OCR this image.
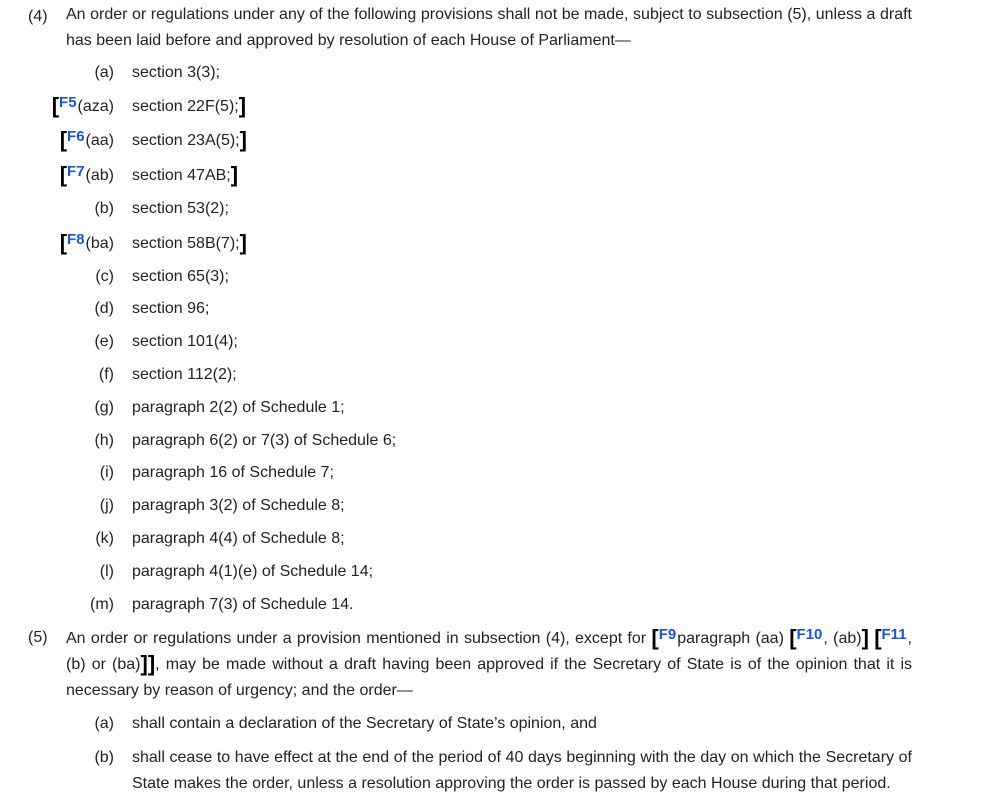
(4) An order or regulations under any of the following provisions shall not be made, subject to subsection (5), unless a draft has been laid before and approved by resolution of each House of Parliament—
(a) section 3(3);
[F5(aza) section 22F(5);]
[F6(aa) section 23A(5);]
[F7(ab) section 47AB;]
(b) section 53(2);
[F8(ba) section 58B(7);]
(c) section 65(3);
(d) section 96;
(e) section 101(4);
(f) section 112(2);
(g) paragraph 2(2) of Schedule 1;
(h) paragraph 6(2) or 7(3) of Schedule 6;
(i) paragraph 16 of Schedule 7;
(j) paragraph 3(2) of Schedule 8;
(k) paragraph 4(4) of Schedule 8;
(l) paragraph 4(1)(e) of Schedule 14;
(m) paragraph 7(3) of Schedule 14.
(5) An order or regulations under a provision mentioned in subsection (4), except for [F9paragraph (aa) [F10, (ab)] [F11, (b) or (ba)]], may be made without a draft having been approved if the Secretary of State is of the opinion that it is necessary by reason of urgency; and the order—
(a) shall contain a declaration of the Secretary of State’s opinion, and
(b) shall cease to have effect at the end of the period of 40 days beginning with the day on which the Secretary of State makes the order, unless a resolution approving the order is passed by each House during that period.
